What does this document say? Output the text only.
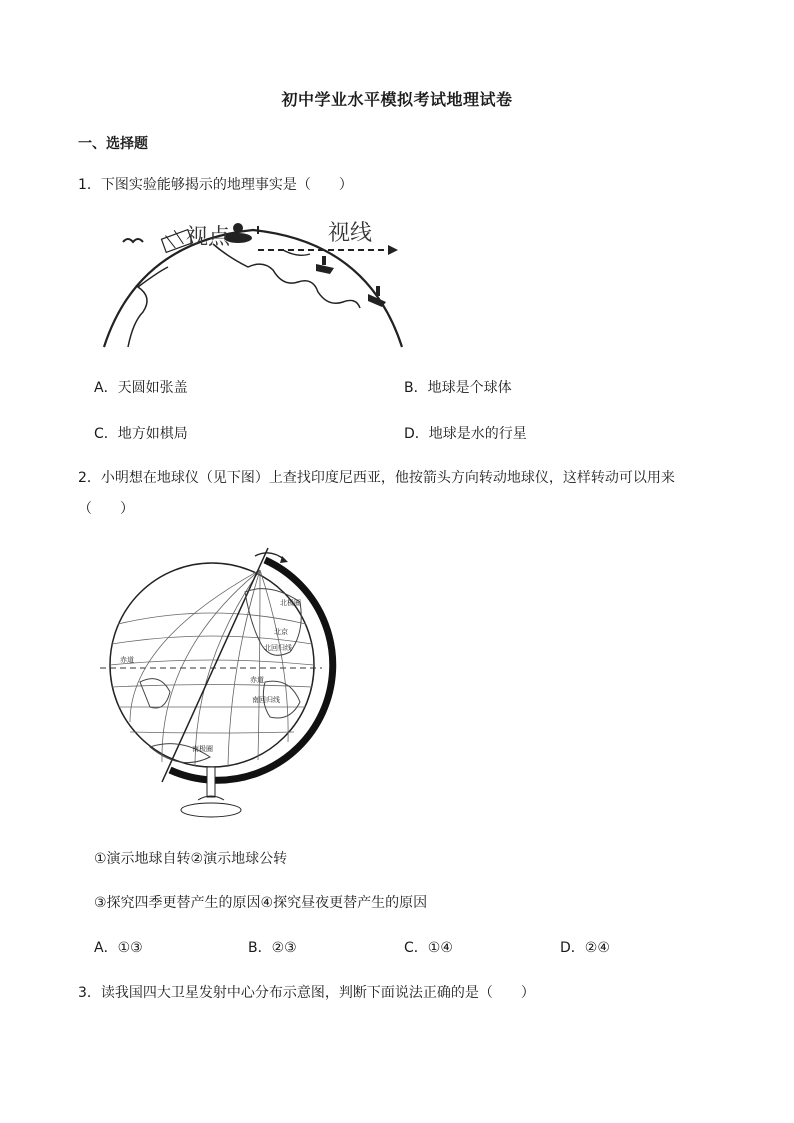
初中学业水平模拟考试地理试卷
一、选择题
1．下图实验能够揭示的地理事实是（　　）
视点	视线
A．天圆如张盖	B．地球是个球体
C．地方如棋局	D．地球是水的行星
2．小明想在地球仪（见下图）上查找印度尼西亚，他按箭头方向转动地球仪，这样转动可以用来
（　　）
北极圈
北京
北回归线
赤道
赤道
南回归线
南极圈
①演示地球自转②演示地球公转
③探究四季更替产生的原因④探究昼夜更替产生的原因
A．①③	B．②③	C．①④	D．②④
3．读我国四大卫星发射中心分布示意图，判断下面说法正确的是（　　）
